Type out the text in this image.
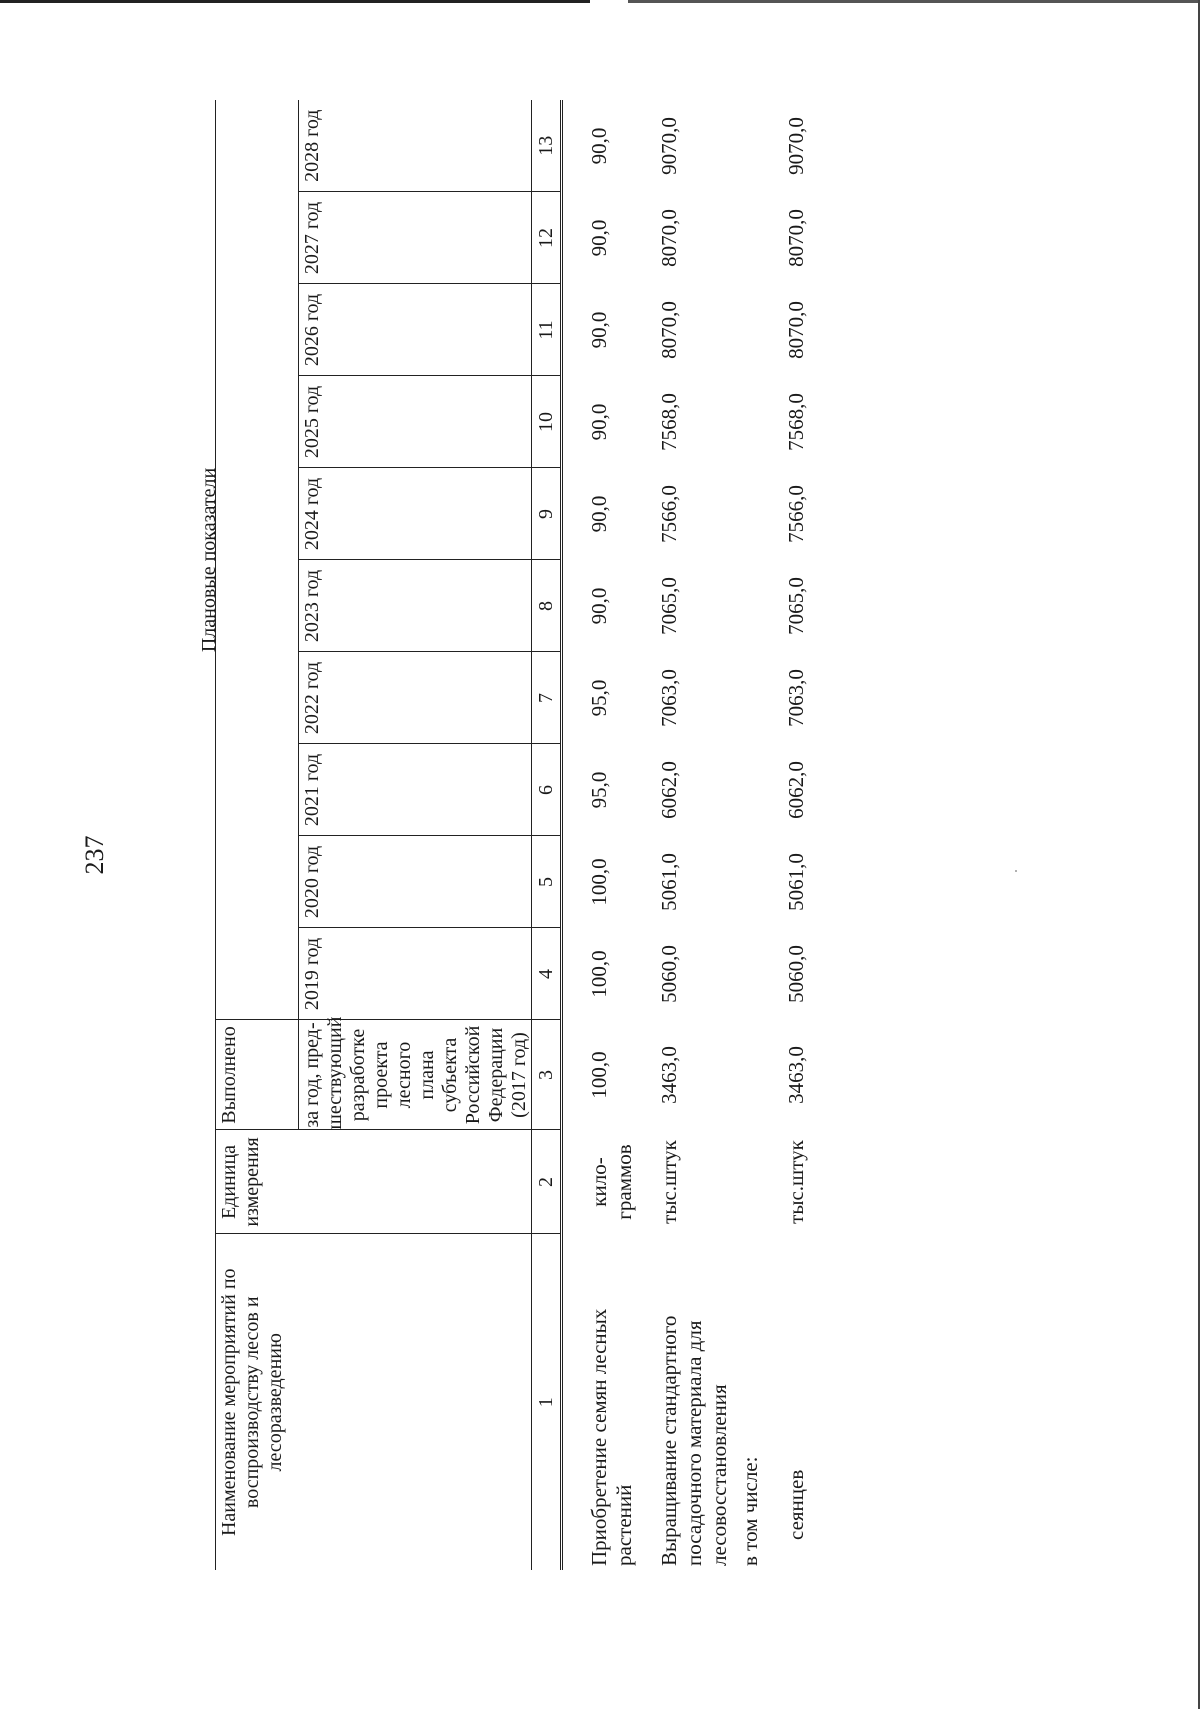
237
Наименование мероприятий по воспроизводству лесов и лесоразведению	Единица измерения	Выполнено										

		за год, пред-шествующий разработке проекта лесного плана субъекта Российской Федерации (2017 год)	2019 год	2020 год	2021 год	2022 год	2023 год	2024 год	2025 год	2026 год	2027 год	2028 год
1	2	3	4	5	6	7	8	9	10	11	12	13

Приобретение семян лесных растений	кило-граммов	100,0	100,0	100,0	95,0	95,0	90,0	90,0	90,0	90,0	90,0	90,0
Выращивание стандартного посадочного материала для лесовосстановления	тыс.штук	3463,0	5060,0	5061,0	6062,0	7063,0	7065,0	7566,0	7568,0	8070,0	8070,0	9070,0
в том числе:												
сеянцев	тыс.штук	3463,0	5060,0	5061,0	6062,0	7063,0	7065,0	7566,0	7568,0	8070,0	8070,0	9070,0
Плановые показатели
